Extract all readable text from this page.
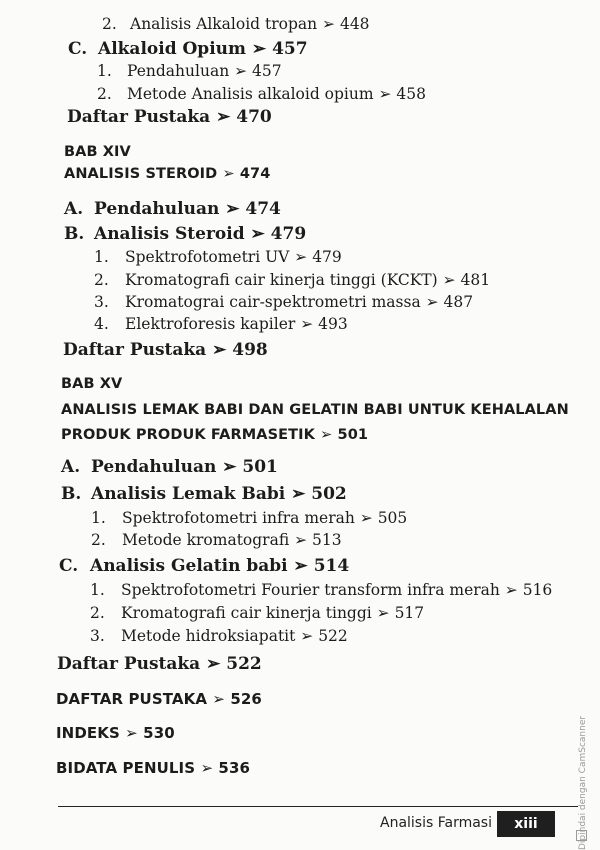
2. Analisis Alkaloid tropan ➢ 448
C. Alkaloid Opium ➢ 457
1. Pendahuluan ➢ 457
2. Metode Analisis alkaloid opium ➢ 458
Daftar Pustaka ➢ 470
BAB XIV
ANALISIS STEROID ➢ 474
A. Pendahuluan ➢ 474
B. Analisis Steroid ➢ 479
1. Spektrofotometri UV ➢ 479
2. Kromatografi cair kinerja tinggi (KCKT) ➢ 481
3. Kromatograi cair-spektrometri massa ➢ 487
4. Elektroforesis kapiler ➢ 493
Daftar Pustaka ➢ 498
BAB XV
ANALISIS LEMAK BABI DAN GELATIN BABI UNTUK KEHALALAN
PRODUK PRODUK FARMASETIK ➢ 501
A. Pendahuluan ➢ 501
B. Analisis Lemak Babi ➢ 502
1. Spektrofotometri infra merah ➢ 505
2. Metode kromatografi ➢ 513
C. Analisis Gelatin babi ➢ 514
1. Spektrofotometri Fourier transform infra merah ➢ 516
2. Kromatografi cair kinerja tinggi ➢ 517
3. Metode hidroksiapatit ➢ 522
Daftar Pustaka ➢ 522
DAFTAR PUSTAKA ➢ 526
INDEKS ➢ 530
BIDATA PENULIS ➢ 536
Analisis Farmasi	xiii	Dipindai dengan CamScanner
